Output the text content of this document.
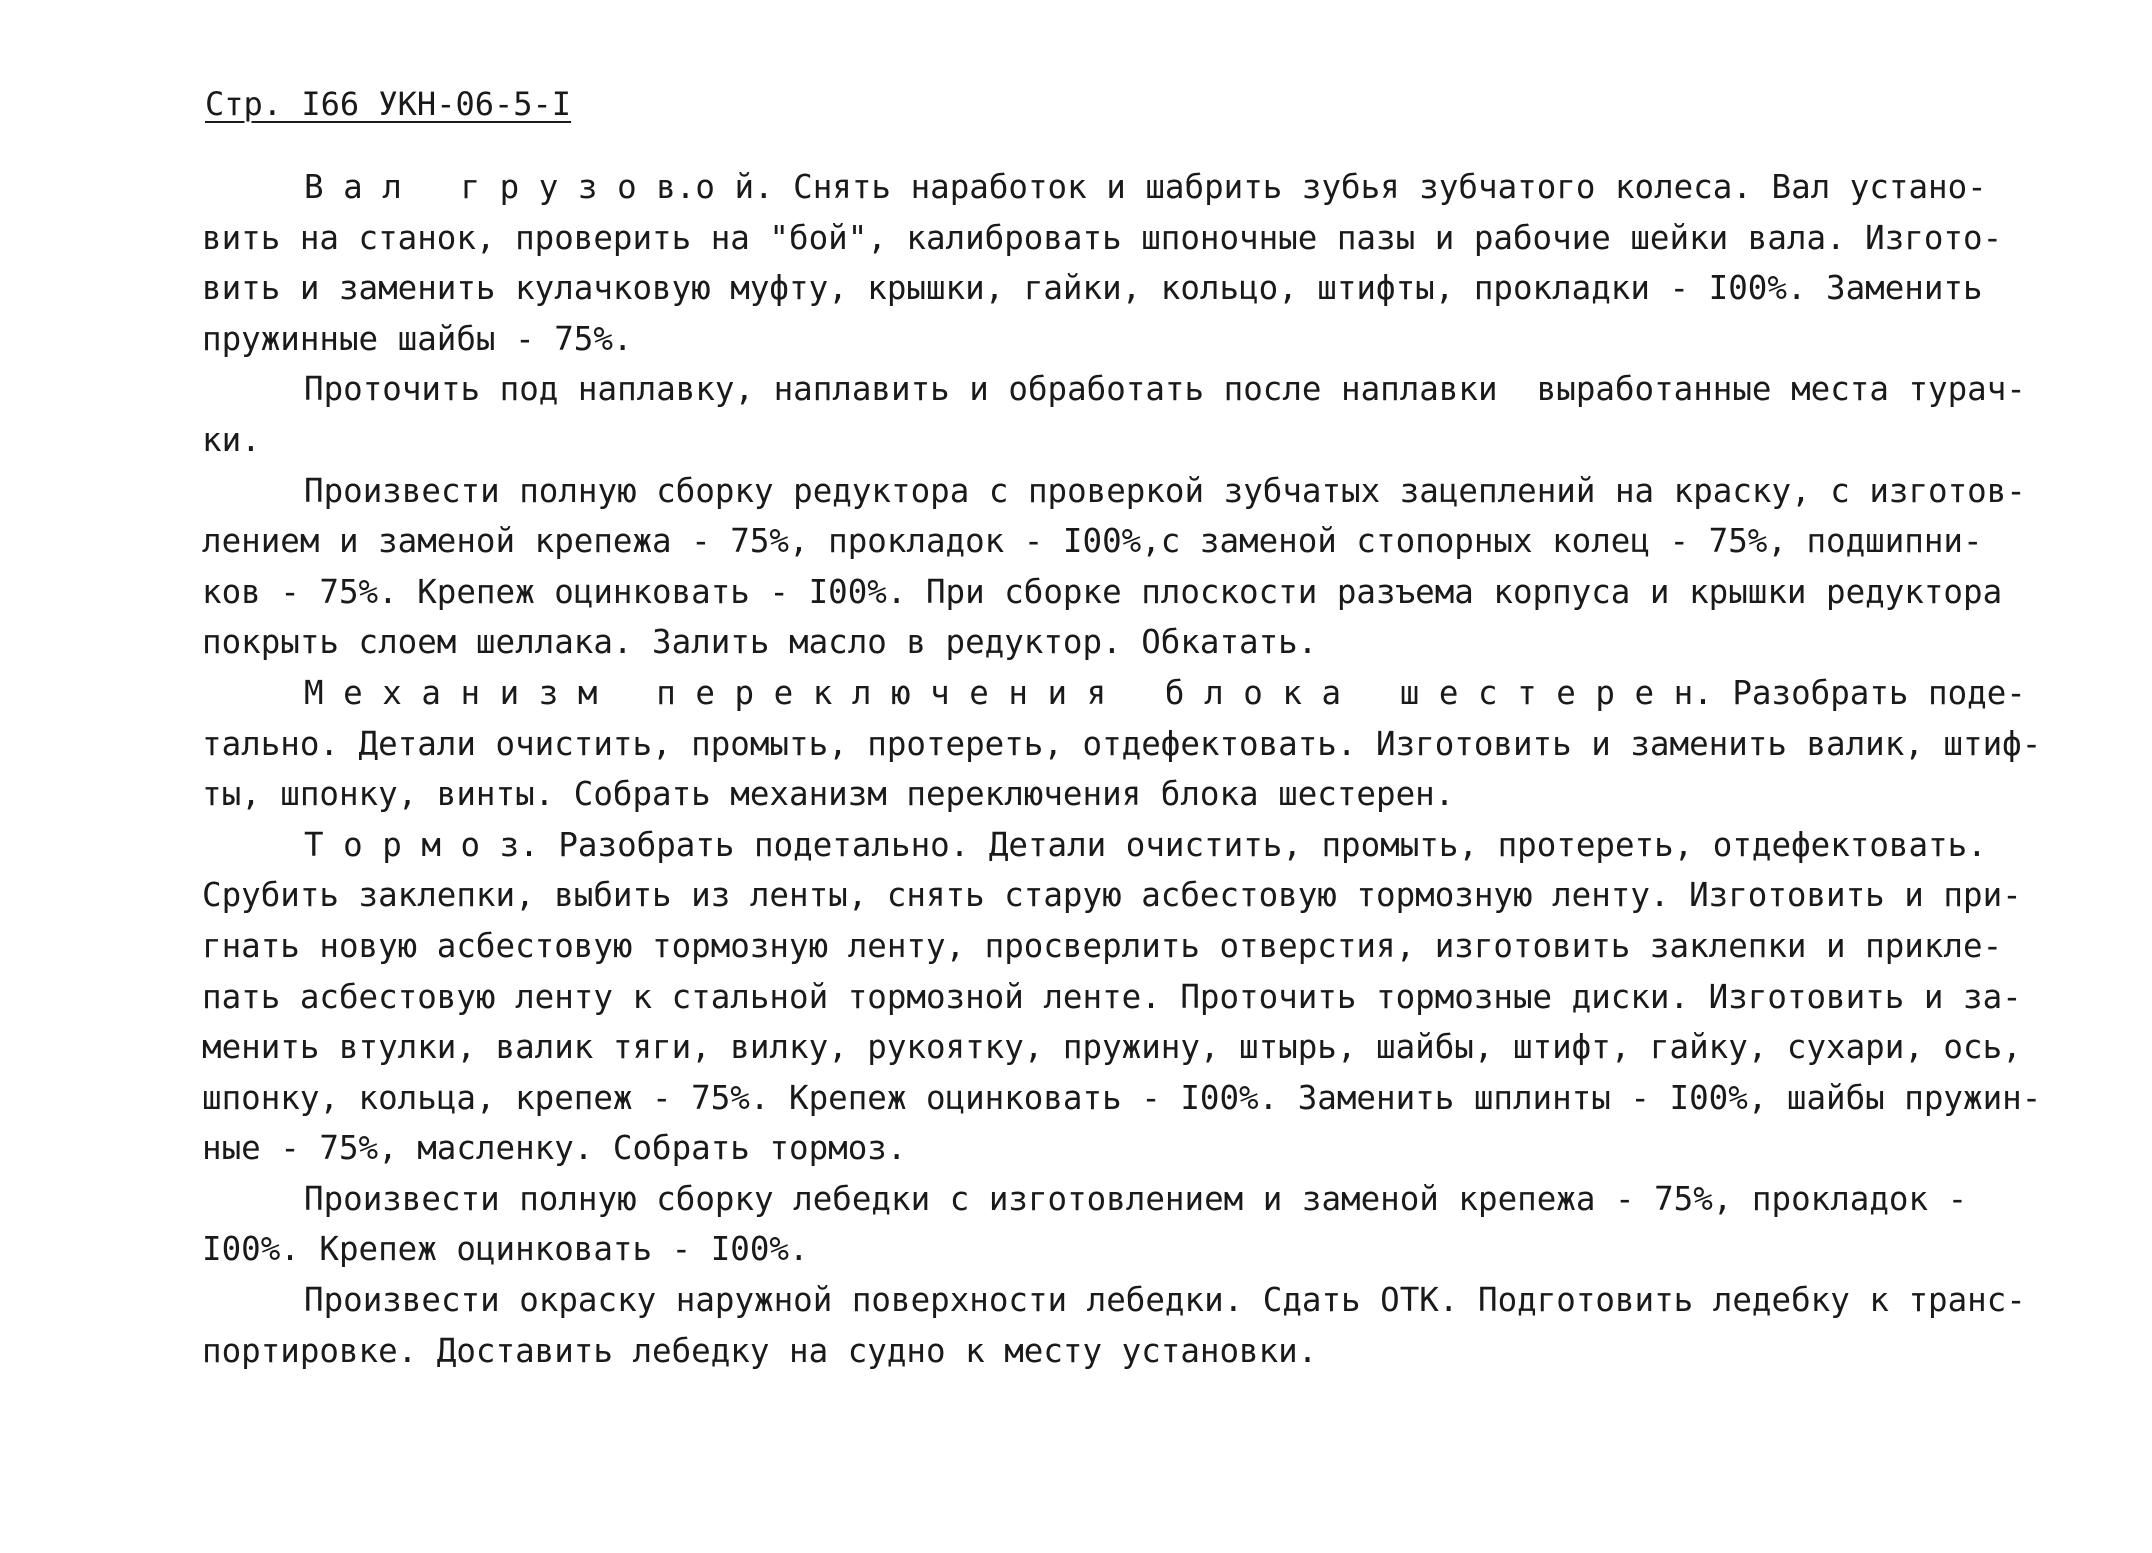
Стр. I66 УКН-06-5-I
В а л   г р у з о в.о й. Снять наработок и шабрить зубья зубчатого колеса. Вал устано-
вить на станок, проверить на "бой", калибровать шпоночные пазы и рабочие шейки вала. Изгото-
вить и заменить кулачковую муфту, крышки, гайки, кольцо, штифты, прокладки - I00%. Заменить
пружинные шайбы - 75%.
Проточить под наплавку, наплавить и обработать после наплавки  выработанные места турач-
ки.
Произвести полную сборку редуктора с проверкой зубчатых зацеплений на краску, с изготов-
лением и заменой крепежа - 75%, прокладок - I00%,с заменой стопорных колец - 75%, подшипни-
ков - 75%. Крепеж оцинковать - I00%. При сборке плоскости разъема корпуса и крышки редуктора
покрыть слоем шеллака. Залить масло в редуктор. Обкатать.
М е х а н и з м   п е р е к л ю ч е н и я   б л о к а   ш е с т е р е н. Разобрать поде-
тально. Детали очистить, промыть, протереть, отдефектовать. Изготовить и заменить валик, штиф-
ты, шпонку, винты. Собрать механизм переключения блока шестерен.
Т о р м о з. Разобрать подетально. Детали очистить, промыть, протереть, отдефектовать.
Срубить заклепки, выбить из ленты, снять старую асбестовую тормозную ленту. Изготовить и при-
гнать новую асбестовую тормозную ленту, просверлить отверстия, изготовить заклепки и прикле-
пать асбестовую ленту к стальной тормозной ленте. Проточить тормозные диски. Изготовить и за-
менить втулки, валик тяги, вилку, рукоятку, пружину, штырь, шайбы, штифт, гайку, сухари, ось,
шпонку, кольца, крепеж - 75%. Крепеж оцинковать - I00%. Заменить шплинты - I00%, шайбы пружин-
ные - 75%, масленку. Собрать тормоз.
Произвести полную сборку лебедки с изготовлением и заменой крепежа - 75%, прокладок -
I00%. Крепеж оцинковать - I00%.
Произвести окраску наружной поверхности лебедки. Сдать ОТК. Подготовить ледебку к транс-
портировке. Доставить лебедку на судно к месту установки.
